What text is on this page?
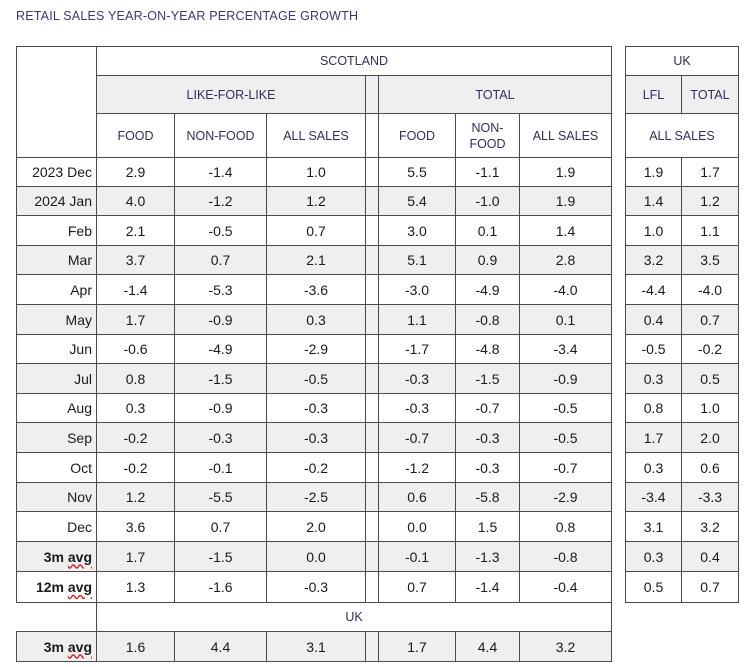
RETAIL SALES YEAR-ON-YEAR PERCENTAGE GROWTH
	SCOTLAND								UK	
	LIKE-FOR-LIKE				TOTAL				LFL	TOTAL
	FOOD	NON-FOOD	ALL SALES		FOOD	NON-
FOOD	ALL SALES		ALL SALES	
2023 Dec	2.9	-1.4	1.0		5.5	-1.1	1.9		1.9	1.7
2024 Jan	4.0	-1.2	1.2		5.4	-1.0	1.9		1.4	1.2
Feb	2.1	-0.5	0.7		3.0	0.1	1.4		1.0	1.1
Mar	3.7	0.7	2.1		5.1	0.9	2.8		3.2	3.5
Apr	-1.4	-5.3	-3.6		-3.0	-4.9	-4.0		-4.4	-4.0
May	1.7	-0.9	0.3		1.1	-0.8	0.1		0.4	0.7
Jun	-0.6	-4.9	-2.9		-1.7	-4.8	-3.4		-0.5	-0.2
Jul	0.8	-1.5	-0.5		-0.3	-1.5	-0.9		0.3	0.5
Aug	0.3	-0.9	-0.3		-0.3	-0.7	-0.5		0.8	1.0
Sep	-0.2	-0.3	-0.3		-0.7	-0.3	-0.5		1.7	2.0
Oct	-0.2	-0.1	-0.2		-1.2	-0.3	-0.7		0.3	0.6
Nov	1.2	-5.5	-2.5		0.6	-5.8	-2.9		-3.4	-3.3
Dec	3.6	0.7	2.0		0.0	1.5	0.8		3.1	3.2
3m avg	1.7	-1.5	0.0		-0.1	-1.3	-0.8		0.3	0.4
12m avg	1.3	-1.6	-0.3		0.7	-1.4	-0.4		0.5	0.7
	UK									
3m avg	1.6	4.4	3.1		1.7	4.4	3.2			
